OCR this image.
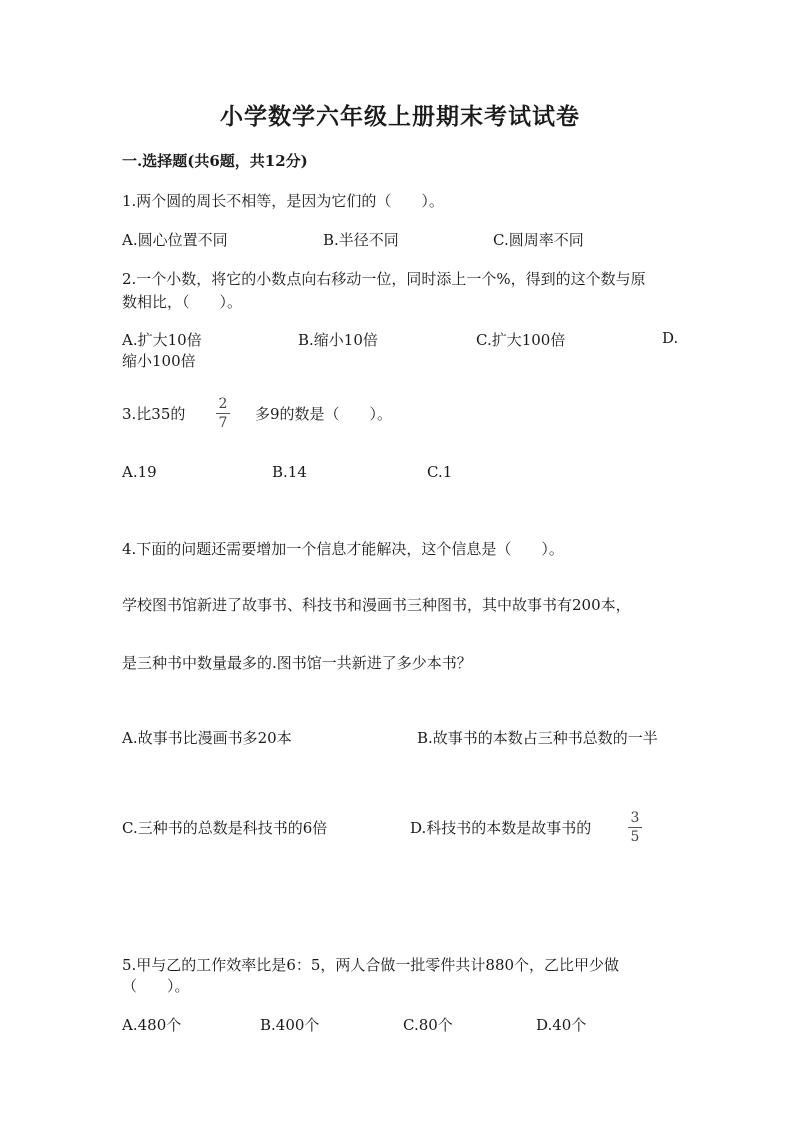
小学数学六年级上册期末考试试卷
一.选择题(共6题，共12分)
1.两个圆的周长不相等，是因为它们的（　　）。
A.圆心位置不同	B.半径不同	C.圆周率不同
2.一个小数，将它的小数点向右移动一位，同时添上一个%，得到的这个数与原
数相比，（　　）。
A.扩大10倍	B.缩小10倍	C.扩大100倍	D.
缩小100倍
3.比35的
2
7	多9的数是（　　）。
A.19	B.14	C.1
4.下面的问题还需要增加一个信息才能解决，这个信息是（　　）。
学校图书馆新进了故事书、科技书和漫画书三种图书，其中故事书有200本，
是三种书中数量最多的.图书馆一共新进了多少本书？
A.故事书比漫画书多20本	B.故事书的本数占三种书总数的一半
C.三种书的总数是科技书的6倍	D.科技书的本数是故事书的
3
5
5.甲与乙的工作效率比是6：5，两人合做一批零件共计880个，乙比甲少做
（　　）。
A.480个	B.400个	C.80个	D.40个
